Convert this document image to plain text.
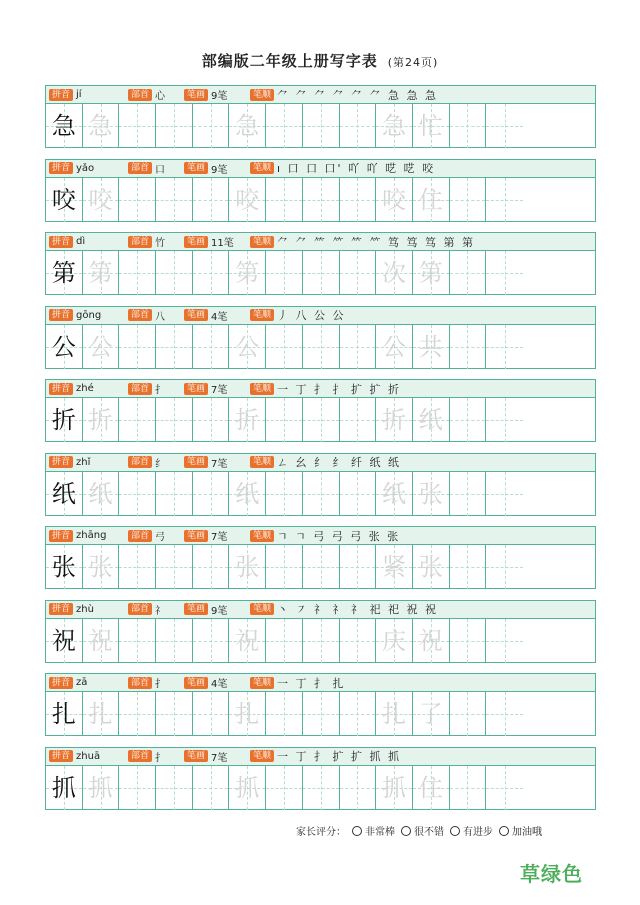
部编版二年级上册写字表 (第24页)
拼音 jí	部首 心	笔画 9笔	笔顺 ⺈ ⺈ ⺈ ⺈ ⺈ ⺈ 急 急 急
急 急	急	急 忙
拼音 yǎo	部首 口	笔画 9笔	笔顺 ı 口 口 口' 吖 吖 呓 呓 咬
咬 咬	咬	咬 住
拼音 dì	部首 竹	笔画 11笔	笔顺 ⺈ ⺈ ⺮ ⺮ ⺮ ⺮ 笃 笃 笃 第 第
第 第	第	次 第
拼音 gōng	部首 八	笔画 4笔	笔顺 丿 八 公 公
公 公	公	公 共
拼音 zhé	部首 扌	笔画 7笔	笔顺 一 丁 扌 扌 扩 扩 折
折 折	折	折 纸
拼音 zhǐ	部首 纟	笔画 7笔	笔顺 ㄥ 幺 纟 纟 纤 纸 纸
纸 纸	纸	纸 张
拼音 zhāng	部首 弓	笔画 7笔	笔顺 ㄱ ㄱ 弓 弓 弓 张 张
张 张	张	紧 张
拼音 zhù	部首 礻	笔画 9笔	笔顺 丶 ㇇ 礻 礻 礻 祀 祀 祝 祝
祝 祝	祝	庆 祝
拼音 zā	部首 扌	笔画 4笔	笔顺 一 丁 扌 扎
扎 扎	扎	扎 了
拼音 zhuā	部首 扌	笔画 7笔	笔顺 一 丁 扌 扩 扩 抓 抓
抓 抓	抓	抓 住
家长评分： 非常棒 很不错 有进步 加油哦
草绿色
